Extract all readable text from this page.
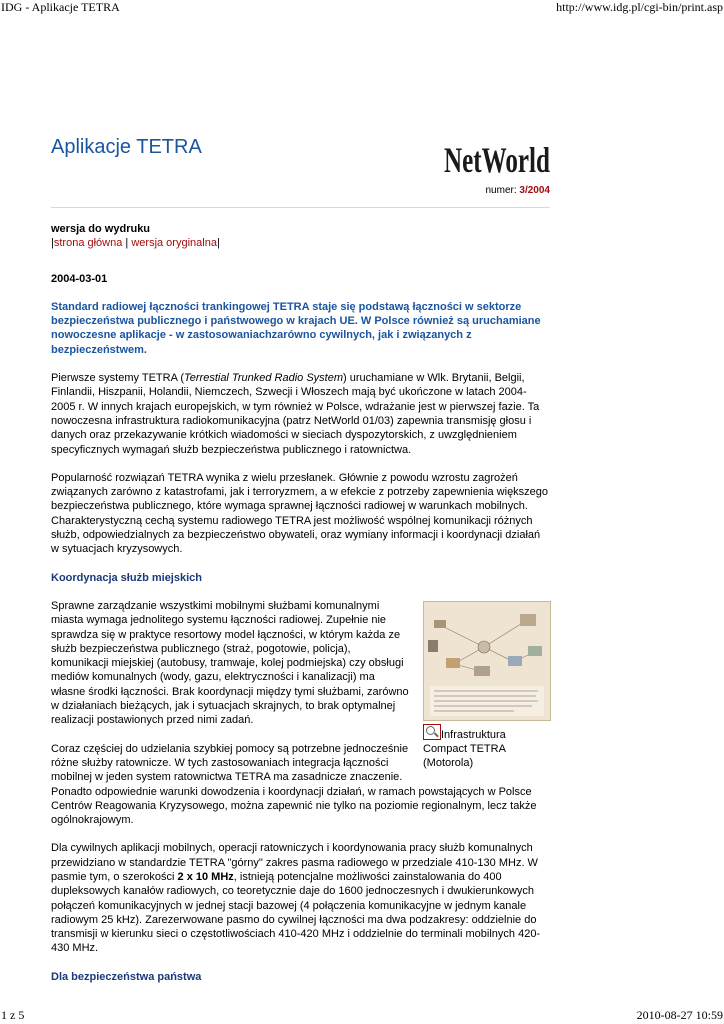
IDG - Aplikacje TETRA	http://www.idg.pl/cgi-bin/print.asp
Aplikacje TETRA	NetWorld
numer: 3/2004

wersja do wydruku

|strona główna | wersja oryginalna|

2004-03-01

Standard radiowej łączności trankingowej TETRA staje się podstawą łączności w sektorze bezpieczeństwa publicznego i państwowego w krajach UE. W Polsce również są uruchamiane nowoczesne aplikacje - w zastosowaniachzarówno cywilnych, jak i związanych z bezpieczeństwem.

Pierwsze systemy TETRA (Terrestial Trunked Radio System) uruchamiane w Wlk. Brytanii, Belgii, Finlandii, Hiszpanii, Holandii, Niemczech, Szwecji i Włoszech mają być ukończone w latach 2004-2005 r. W innych krajach europejskich, w tym również w Polsce, wdrażanie jest w pierwszej fazie. Ta nowoczesna infrastruktura radiokomunikacyjna (patrz NetWorld 01/03) zapewnia transmisję głosu i danych oraz przekazywanie krótkich wiadomości w sieciach dyspozytorskich, z uwzględnieniem specyficznych wymagań służb bezpieczeństwa publicznego i ratownictwa.

Popularność rozwiązań TETRA wynika z wielu przesłanek. Głównie z powodu wzrostu zagrożeń związanych zarówno z katastrofami, jak i terroryzmem, a w efekcie z potrzeby zapewnienia większego bezpieczeństwa publicznego, które wymaga sprawnej łączności radiowej w warunkach mobilnych. Charakterystyczną cechą systemu radiowego TETRA jest możliwość wspólnej komunikacji różnych służb, odpowiedzialnych za bezpieczeństwo obywateli, oraz wymiany informacji i koordynacji działań w sytuacjach kryzysowych.

Koordynacja służb miejskich

Infrastruktura Compact TETRA (Motorola)

Sprawne zarządzanie wszystkimi mobilnymi służbami komunalnymi miasta wymaga jednolitego systemu łączności radiowej. Zupełnie nie sprawdza się w praktyce resortowy model łączności, w którym każda ze służb bezpieczeństwa publicznego (straż, pogotowie, policja), komunikacji miejskiej (autobusy, tramwaje, kolej podmiejska) czy obsługi mediów komunalnych (wody, gazu, elektryczności i kanalizacji) ma własne środki łączności. Brak koordynacji między tymi służbami, zarówno w działaniach bieżących, jak i sytuacjach skrajnych, to brak optymalnej realizacji postawionych przed nimi zadań.

Coraz częściej do udzielania szybkiej pomocy są potrzebne jednocześnie różne służby ratownicze. W tych zastosowaniach integracja łączności mobilnej w jeden system ratownictwa TETRA ma zasadnicze znaczenie. Ponadto odpowiednie warunki dowodzenia i koordynacji działań, w ramach powstających w Polsce Centrów Reagowania Kryzysowego, można zapewnić nie tylko na poziomie regionalnym, lecz także ogólnokrajowym.

Dla cywilnych aplikacji mobilnych, operacji ratowniczych i koordynowania pracy służb komunalnych przewidziano w standardzie TETRA "górny" zakres pasma radiowego w przedziale 410-130 MHz. W pasmie tym, o szerokości 2 x 10 MHz, istnieją potencjalne możliwości zainstalowania do 400 dupleksowych kanałów radiowych, co teoretycznie daje do 1600 jednoczesnych i dwukierunkowych połączeń komunikacyjnych w jednej stacji bazowej (4 połączenia komunikacyjne w jednym kanale radiowym 25 kHz). Zarezerwowane pasmo do cywilnej łączności ma dwa podzakresy: oddzielnie do transmisji w kierunku sieci o częstotliwościach 410-420 MHz i oddzielnie do terminali mobilnych 420-430 MHz.

Dla bezpieczeństwa państwa

1 z 5	2010-08-27 10:59
